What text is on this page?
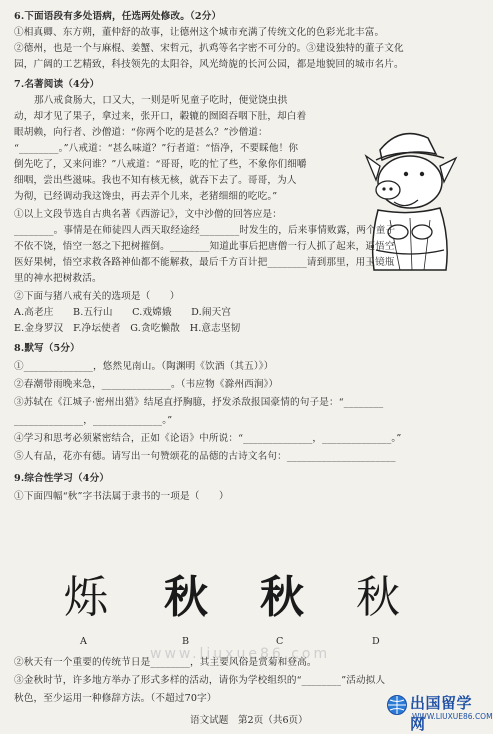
6.下面语段有多处语病，任选两处修改。（2分）
①相真卿、东方朔，董仲舒的故事，让德州这个城市充满了传统文化的色彩光北丰富。
②德州，也是一个与麻棍、姜蟹、宋哲元，扒鸡等名字密不可分的。③建设独特的董子文化
园，广阔的工艺精致，科技领先的太阳谷，风光绮旎的长河公园，都是地貌回的城市名片。
7.名著阅读（4分）
那八戒食肠大，口又大，一则是听见童子吃时，便觉饶虫拱
动，却才见了果子，拿过来，张开口，轂辘的囫囵吞咽下肚，却白着
眼胡赖，向行者、沙僧道：“你两个吃的是甚么？”沙僧道：
“________。”八戒道：“甚么味道？”行者道：“悟净，不要睬他！你
倒先吃了，又来问谁？”八戒道：“哥哥，吃的忙了些，不象你们细嚼
细咽，尝出些滋味。我也不知有核无核，就吞下去了。哥哥，为人
为彻，已经调动我这馋虫，再去弄个儿来，老猪细细的吃吃。”
①以上文段节选自古典名著《西游记》，文中沙僧的回答应是：
________。事情是在师徒四人西天取经途经________时发生的，后来事情败露，两个童子
不依不饶，悟空一怒之下把树摧倒。________知道此事后把唐僧一行人抓了起来，逼悟空
医好果树，悟空求救各路神仙都不能解救，最后千方百计把________请到那里，用玉镜瓶
里的神水把树救活。
②下面与猪八戒有关的选项是（　　）
A.高老庄　　B.五行山　　C.戏嫦娥　　D.闹天宫
E.金身罗汉　F.净坛使者　G.贪吃懒散　H.意志坚韧
8.默写（5分）
①______________，悠然见南山。（陶渊明《饮酒（其五）》）
②春潮带雨晚来急，______________。（韦应物《滁州西涧》）
③苏轼在《江城子·密州出猎》结尾直抒胸臆，抒发杀敌报国豪情的句子是：“________
______________，______________。”
④学习和思考必须紧密结合，正如《论语》中所说：“______________，______________。”
⑤人有品，花亦有德。请写出一句赞颂花的品德的古诗文名句：______________________
9.综合性学习（4分）
①下面四幅“秋”字书法属于隶书的一项是（　　）
烁 秋 秋 秋
A	B	C	D
www.liuxue86.com
②秋天有一个重要的传统节日是________，其主要风俗是赏菊和登高。
③金秋时节，许多地方举办了形式多样的活动，请你为学校组织的“________”活动拟人
秋色，至少运用一种修辞方法。（不超过70字）
语文试题　第2页（共6页）
出国留学网
WWW.LIUXUE86.COM
